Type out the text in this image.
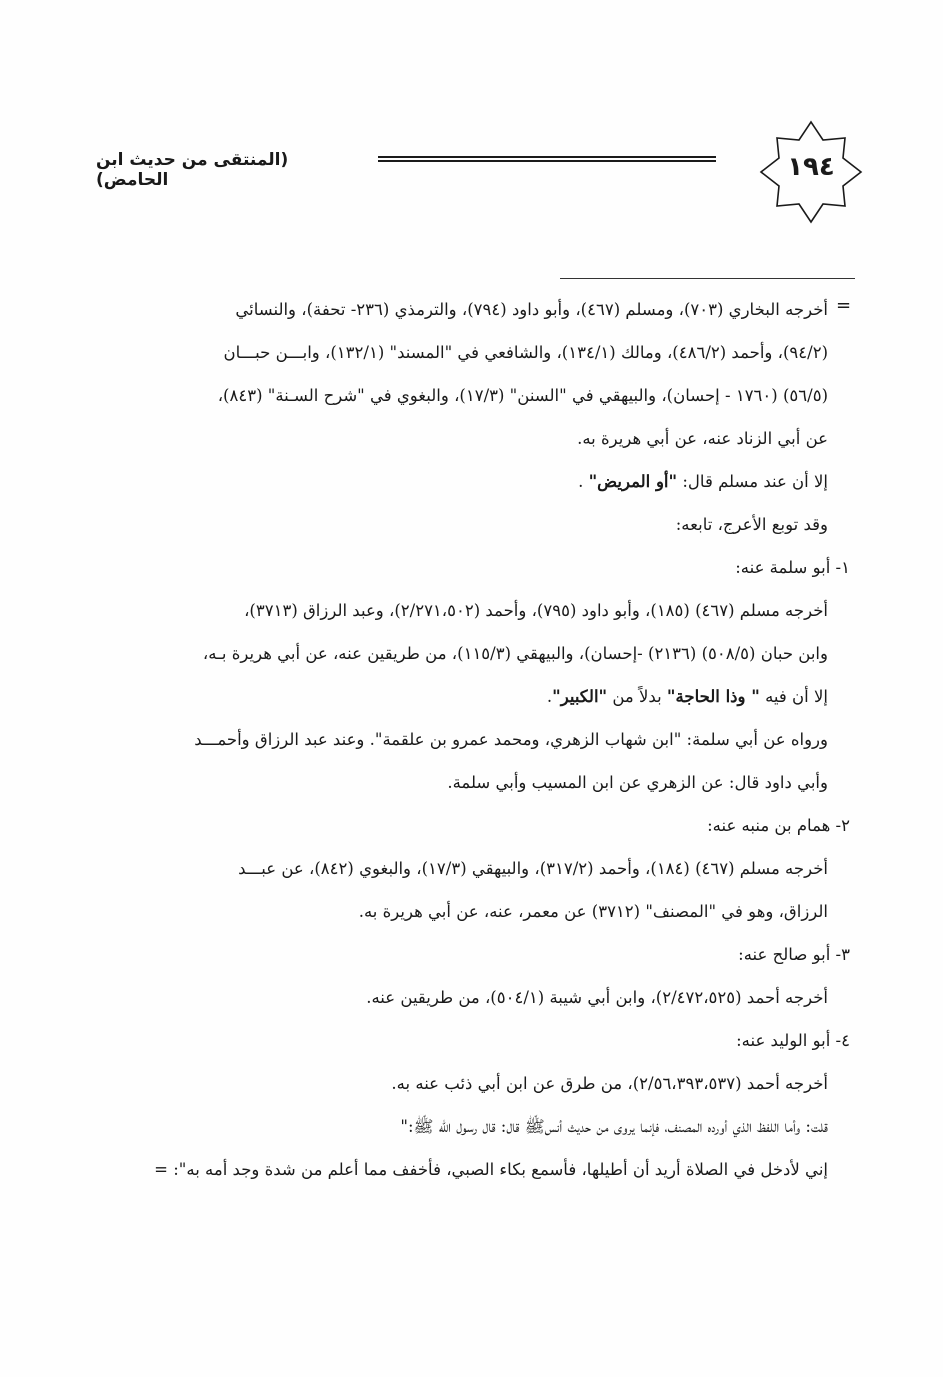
(المنتقى من حديث ابن الحامض)	١٩٤
=
أخرجه البخاري (٧٠٣)، ومسلم (٤٦٧)، وأبو داود (٧٩٤)، والترمذي (٢٣٦- تحفة)، والنسائي
(٩٤/٢)، وأحمد (٤٨٦/٢)، ومالك (١٣٤/١)، والشافعي في "المسند" (١٣٢/١)، وابـــن حبـــان
(٥٦/٥) (١٧٦٠ - إحسان)، والبيهقي في "السنن" (١٧/٣)، والبغوي في "شرح السـنة" (٨٤٣)،
عن أبي الزناد عنه، عن أبي هريرة به.
إلا أن عند مسلم قال: "أو المريض" .
وقد توبع الأعرج، تابعه:
١- أبو سلمة عنه:
أخرجه مسلم (٤٦٧) (١٨٥)، وأبو داود (٧٩٥)، وأحمد (٢/٢٧١،٥٠٢)، وعبد الرزاق (٣٧١٣)،
وابن حبان (٥٠٨/٥) (٢١٣٦) -إحسان)، والبيهقي (١١٥/٣)، من طريقين عنه، عن أبي هريرة بـه،
إلا أن فيه " وذا الحاجة" بدلاً من "الكبير".
ورواه عن أبي سلمة: "ابن شهاب الزهري، ومحمد عمرو بن علقمة". وعند عبد الرزاق وأحمـــد
وأبي داود قال: عن الزهري عن ابن المسيب وأبي سلمة.
٢- همام بن منبه عنه:
أخرجه مسلم (٤٦٧) (١٨٤)، وأحمد (٣١٧/٢)، والبيهقي (١٧/٣)، والبغوي (٨٤٢)، عن عبـــد
الرزاق، وهو في "المصنف" (٣٧١٢) عن معمر، عنه، عن أبي هريرة به.
٣- أبو صالح عنه:
أخرجه أحمد (٢/٤٧٢،٥٢٥)، وابن أبي شيبة (٥٠٤/١)، من طريقين عنه.
٤- أبو الوليد عنه:
أخرجه أحمد (٢/٥٦،٣٩٣،٥٣٧)، من طرق عن ابن أبي ذئب عنه به.
قلت: وأما اللفظ الذي أورده المصنف، فإنما يروى من حديث أنسﷺ قال: قال رسول الله ﷺ:"
إني لأدخل في الصلاة أريد أن أطيلها، فأسمع بكاء الصبي، فأخفف مما أعلم من شدة وجد أمه به": =
